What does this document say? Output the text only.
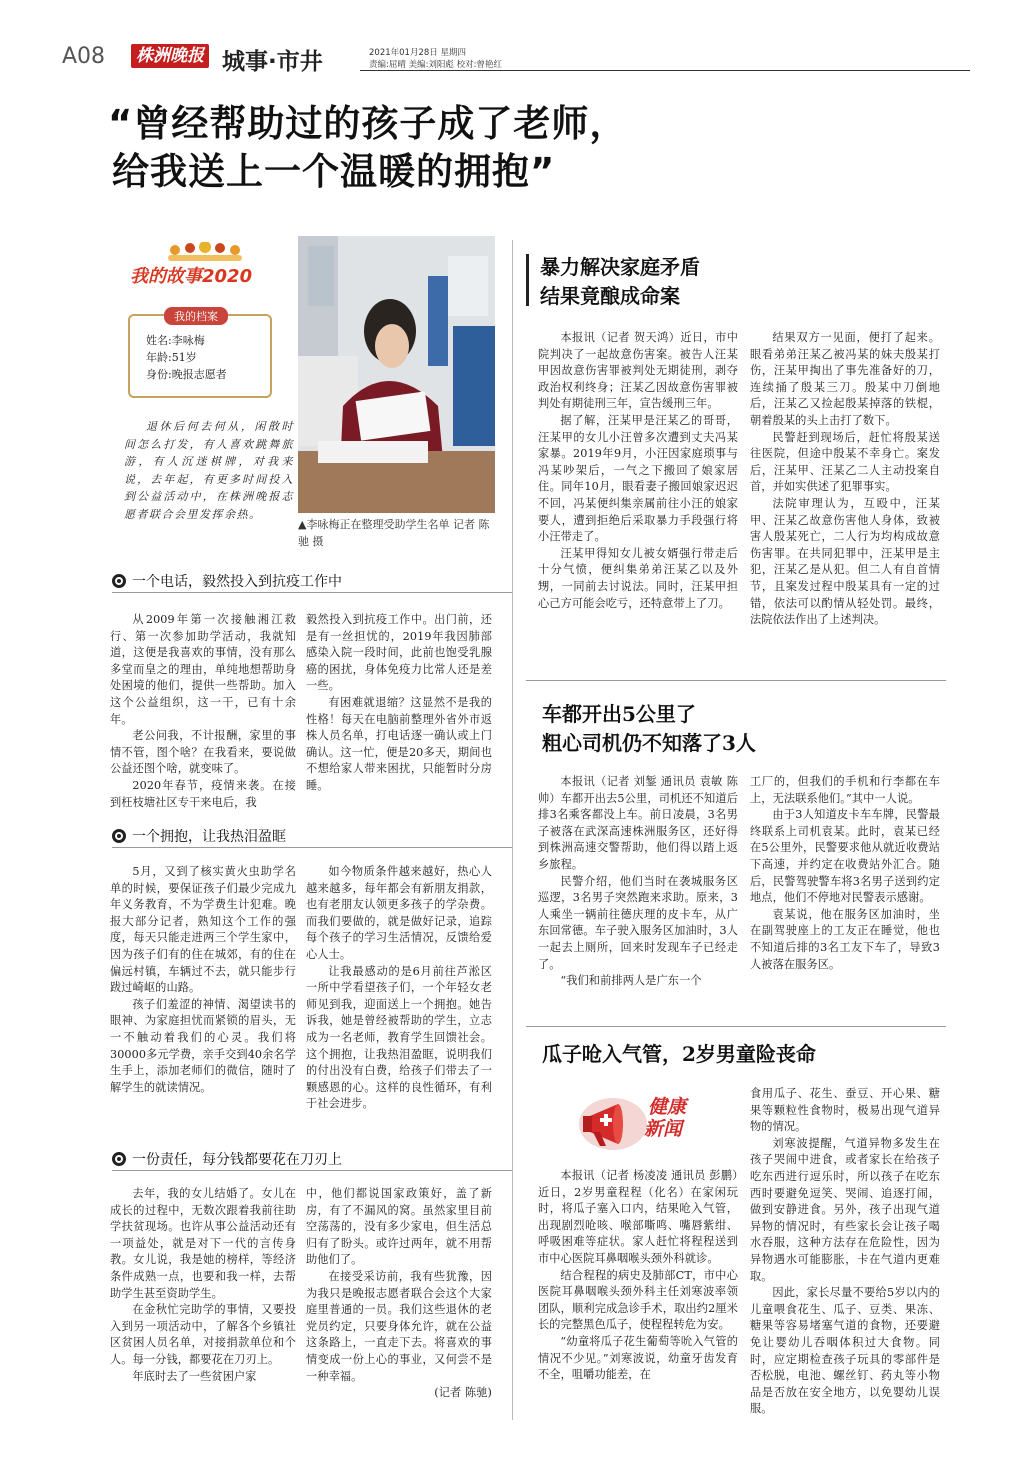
A08 株洲晚报 城事·市井	2021年01月28日 星期四
责编:屈晴 美编:刘阳彪 校对:曾艳红
“曾经帮助过的孩子成了老师，
给我送上一个温暖的拥抱”
我的故事2020
我的档案
姓名:李咏梅
年龄:51岁
身份:晚报志愿者
退休后何去何从，闲散时间怎么打发，有人喜欢跳舞旅游，有人沉迷棋牌，对我来说，去年起，有更多时间投入到公益活动中，在株洲晚报志愿者联合会里发挥余热。
▲李咏梅正在整理受助学生名单 记者 陈驰 摄
一个电话，毅然投入到抗疫工作中

从2009年第一次接触湘江救行、第一次参加助学活动，我就知道，这便是我喜欢的事情，没有那么多堂而皇之的理由，单纯地想帮助身处困境的他们，提供一些帮助。加入这个公益组织，这一干，已有十余年。

老公问我，不计报酬，家里的事情不管，图个啥？在我看来，要说做公益还图个啥，就变味了。

2020年春节，疫情来袭。在接到枉枝塘社区专干来电后，我

毅然投入到抗疫工作中。出门前，还是有一丝担忧的，2019年我因肺部感染入院一段时间，此前也饱受乳腺癌的困扰，身体免疫力比常人还是差一些。

有困难就退缩？这显然不是我的性格！每天在电脑前整理外省外市返株人员名单，打电话逐一确认或上门确认。这一忙，便是20多天，期间也不想给家人带来困扰，只能暂时分房睡。

一个拥抱，让我热泪盈眶

5月，又到了核实黄火虫助学名单的时候，要保证孩子们最少完成九年义务教育，不为学费生计犯难。晚报大部分记者，熟知这个工作的强度，每天只能走进两三个学生家中，因为孩子们有的住在城郊，有的住在偏远村镇，车辆过不去，就只能步行跋过崎岖的山路。

孩子们羞涩的神情、渴望读书的眼神、为家庭担忧而紧锁的眉头，无一不触动着我们的心灵。我们将30000多元学费，亲手交到40余名学生手上，添加老师们的微信，随时了解学生的就读情况。

如今物质条件越来越好，热心人越来越多，每年都会有新朋友捐款，也有老朋友认领更多孩子的学杂费。而我们要做的，就是做好记录，追踪每个孩子的学习生活情况，反馈给爱心人士。

让我最感动的是6月前往芦淞区一所中学看望孩子们，一个年轻女老师见到我，迎面送上一个拥抱。她告诉我，她是曾经被帮助的学生，立志成为一名老师，教育学生回馈社会。这个拥抱，让我热泪盈眶，说明我们的付出没有白费，给孩子们带去了一颗感恩的心。这样的良性循环，有利于社会进步。

一份责任，每分钱都要花在刀刃上

去年，我的女儿结婚了。女儿在成长的过程中，无数次跟着我前往助学扶贫现场。也许从事公益活动还有一项益处，就是对下一代的言传身教。女儿说，我是她的榜样，等经济条件成熟一点，也要和我一样，去帮助学生甚至资助学生。

在金秋忙完助学的事情，又要投入到另一项活动中，了解各个乡镇社区贫困人员名单，对接捐款单位和个人。每一分钱，都要花在刀刃上。

年底时去了一些贫困户家

中，他们都说国家政策好，盖了新房，有了不漏风的窝。虽然家里目前空荡荡的，没有多少家电，但生活总归有了盼头。或许过两年，就不用帮助他们了。

在接受采访前，我有些犹豫，因为我只是晚报志愿者联合会这个大家庭里普通的一员。我们这些退休的老党员约定，只要身体允许，就在公益这条路上，一直走下去。将喜欢的事情变成一份上心的事业，又何尝不是一种幸福。

(记者 陈驰)

暴力解决家庭矛盾
结果竟酿成命案

本报讯（记者 贺天鸿）近日，市中院判决了一起故意伤害案。被告人汪某甲因故意伤害罪被判处无期徒刑，剥夺政治权利终身；汪某乙因故意伤害罪被判处有期徒刑三年，宣告缓刑三年。

据了解，汪某甲是汪某乙的哥哥，汪某甲的女儿小汪曾多次遭到丈夫冯某家暴。2019年9月，小汪因家庭琐事与冯某吵架后，一气之下搬回了娘家居住。同年10月，眼看妻子搬回娘家迟迟不回，冯某便纠集亲属前往小汪的娘家要人，遭到拒绝后采取暴力手段强行将小汪带走了。

汪某甲得知女儿被女婿强行带走后十分气愤，便纠集弟弟汪某乙以及外甥，一同前去讨说法。同时，汪某甲担心己方可能会吃亏，还特意带上了刀。

结果双方一见面，便打了起来。眼看弟弟汪某乙被冯某的妹夫殷某打伤，汪某甲掏出了事先准备好的刀，连续捅了殷某三刀。殷某中刀倒地后，汪某乙又捡起殷某掉落的铁棍，朝着殷某的头上击打了数下。

民警赶到现场后，赶忙将殷某送往医院，但途中殷某不幸身亡。案发后，汪某甲、汪某乙二人主动投案自首，并如实供述了犯罪事实。

法院审理认为，互殴中，汪某甲、汪某乙故意伤害他人身体，致被害人殷某死亡，二人行为均构成故意伤害罪。在共同犯罪中，汪某甲是主犯，汪某乙是从犯。但二人有自首情节，且案发过程中殷某具有一定的过错，依法可以酌情从轻处罚。最终，法院依法作出了上述判决。

车都开出5公里了
粗心司机仍不知落了3人

本报讯（记者 刘錾 通讯员 袁敏 陈帅）车都开出去5公里，司机还不知道后排3名乘客都没上车。前日凌晨，3名男子被落在武深高速株洲服务区，还好得到株洲高速交警帮助，他们得以踏上返乡旅程。

民警介绍，他们当时在袭城服务区巡逻，3名男子突然跑来求助。原来，3人乘坐一辆前往德庆理的皮卡车，从广东回常德。车子驶入服务区加油时，3人一起去上厕所，回来时发现车子已经走了。

“我们和前排两人是广东一个

工厂的，但我们的手机和行李都在车上，无法联系他们。”其中一人说。

由于3人知道皮卡车车牌，民警最终联系上司机袁某。此时，袁某已经在5公里外，民警要求他从就近收费站下高速，并约定在收费站外汇合。随后，民警驾驶警车将3名男子送到约定地点，他们不停地对民警表示感谢。

袁某说，他在服务区加油时，坐在副驾驶座上的工友正在睡觉，他也不知道后排的3名工友下车了，导致3人被落在服务区。

瓜子呛入气管，2岁男童险丧命
健康
新闻

本报讯（记者 杨凌凌 通讯员 彭鹏）近日，2岁男童程程（化名）在家闲玩时，将瓜子塞入口内，结果呛入气管，出现剧烈呛咳、喉部嘶鸣、嘴唇紫绀、呼吸困难等症状。家人赶忙将程程送到市中心医院耳鼻咽喉头颈外科就诊。

结合程程的病史及肺部CT，市中心医院耳鼻咽喉头颈外科主任刘寒波率领团队，顺利完成急诊手术，取出约2厘米长的完整黑色瓜子，使程程转危为安。

“幼童将瓜子花生葡萄等吮入气管的情况不少见。”刘寒波说，幼童牙齿发育不全，咀嚼功能差，在

食用瓜子、花生、蚕豆、开心果、糖果等颗粒性食物时，极易出现气道异物的情况。

刘寒波提醒，气道异物多发生在孩子哭闹中进食，或者家长在给孩子吃东西进行逗乐时，所以孩子在吃东西时要避免逗笑、哭闹、追逐打闹，做到安静进食。另外，孩子出现气道异物的情况时，有些家长会让孩子喝水吞服，这种方法存在危险性，因为异物遇水可能膨胀，卡在气道内更难取。

因此，家长尽量不要给5岁以内的儿童喂食花生、瓜子、豆类、果冻、糖果等容易堵塞气道的食物，还要避免让婴幼儿吞咽体积过大食物。同时，应定期检查孩子玩具的零部件是否松脱，电池、螺丝钉、药丸等小物品是否放在安全地方，以免婴幼儿误服。
